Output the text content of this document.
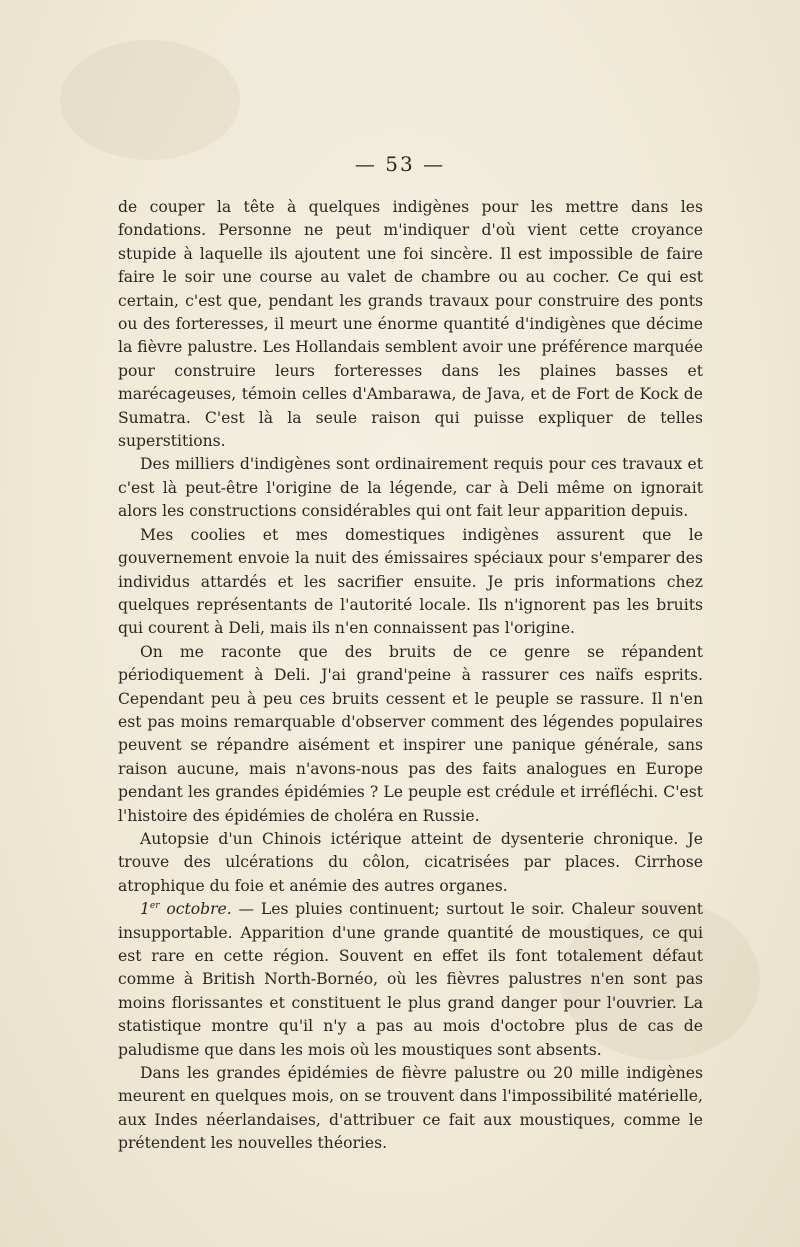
— 53 —

de couper la tête à quelques indigènes pour les mettre dans les fondations. Personne ne peut m'indiquer d'où vient cette croyance stupide à laquelle ils ajoutent une foi sincère. Il est impossible de faire faire le soir une course au valet de chambre ou au cocher. Ce qui est certain, c'est que, pendant les grands travaux pour construire des ponts ou des forteresses, il meurt une énorme quantité d'indigènes que décime la fièvre palustre. Les Hollandais semblent avoir une préférence marquée pour construire leurs forteresses dans les plaines basses et marécageuses, témoin celles d'Ambarawa, de Java, et de Fort de Kock de Sumatra. C'est là la seule raison qui puisse expliquer de telles superstitions.

Des milliers d'indigènes sont ordinairement requis pour ces travaux et c'est là peut-être l'origine de la légende, car à Deli même on ignorait alors les constructions considérables qui ont fait leur apparition depuis.

Mes coolies et mes domestiques indigènes assurent que le gouvernement envoie la nuit des émissaires spéciaux pour s'emparer des individus attardés et les sacrifier ensuite. Je pris informations chez quelques représentants de l'autorité locale. Ils n'ignorent pas les bruits qui courent à Deli, mais ils n'en connaissent pas l'origine.

On me raconte que des bruits de ce genre se répandent périodiquement à Deli. J'ai grand'peine à rassurer ces naïfs esprits. Cependant peu à peu ces bruits cessent et le peuple se rassure. Il n'en est pas moins remarquable d'observer comment des légendes populaires peuvent se répandre aisément et inspirer une panique générale, sans raison aucune, mais n'avons-nous pas des faits analogues en Europe pendant les grandes épidémies ? Le peuple est crédule et irréfléchi. C'est l'histoire des épidémies de choléra en Russie.

Autopsie d'un Chinois ictérique atteint de dysenterie chronique. Je trouve des ulcérations du côlon, cicatrisées par places. Cirrhose atrophique du foie et anémie des autres organes.

1er octobre. — Les pluies continuent; surtout le soir. Chaleur souvent insupportable. Apparition d'une grande quantité de moustiques, ce qui est rare en cette région. Souvent en effet ils font totalement défaut comme à British North-Bornéo, où les fièvres palustres n'en sont pas moins florissantes et constituent le plus grand danger pour l'ouvrier. La statistique montre qu'il n'y a pas au mois d'octobre plus de cas de paludisme que dans les mois où les moustiques sont absents.

Dans les grandes épidémies de fièvre palustre ou 20 mille indigènes meurent en quelques mois, on se trouvent dans l'impossibilité matérielle, aux Indes néerlandaises, d'attribuer ce fait aux moustiques, comme le prétendent les nouvelles théories.
